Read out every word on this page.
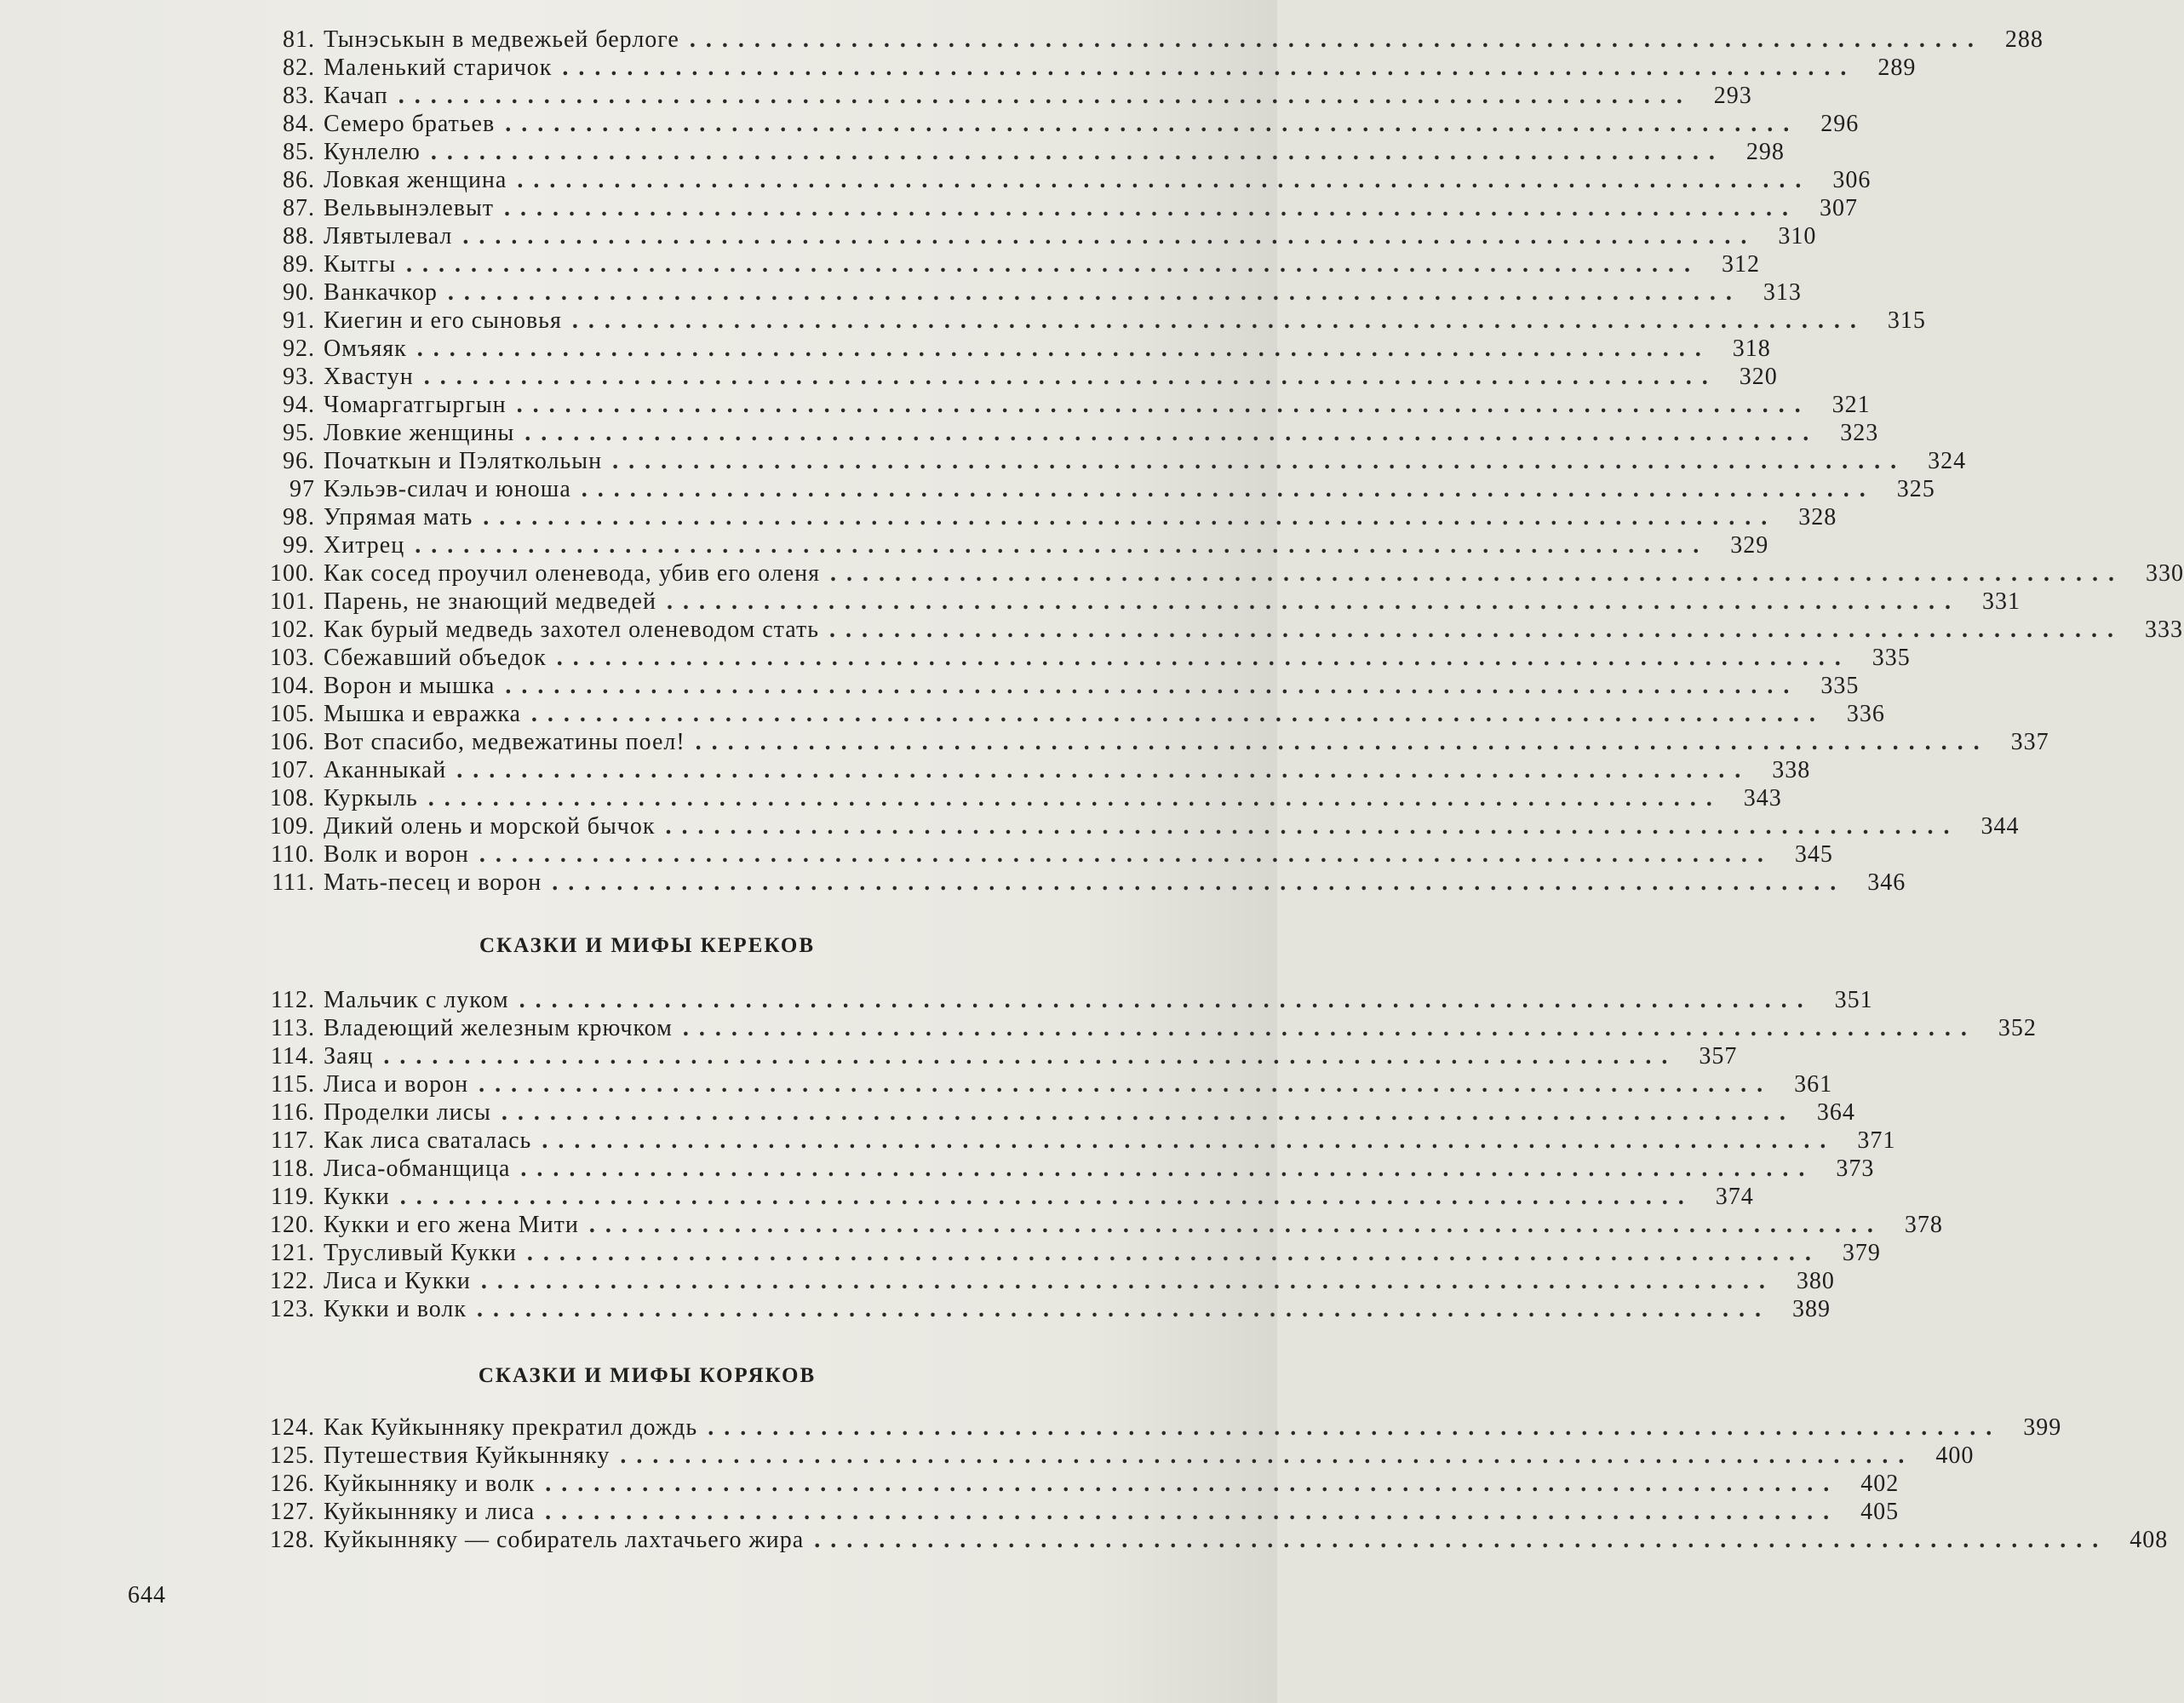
81. Тынэськын в медвежьей берлоге ................................................................................ 288
82. Маленький старичок ................................................................................ 289
83. Качап ................................................................................ 293
84. Семеро братьев ................................................................................ 296
85. Кунлелю ................................................................................ 298
86. Ловкая женщина ................................................................................ 306
87. Вельвынэлевыт ................................................................................ 307
88. Лявтылевал ................................................................................ 310
89. Кытгы ................................................................................ 312
90. Ванкачкор ................................................................................ 313
91. Киегин и его сыновья ................................................................................ 315
92. Омъяяк ................................................................................ 318
93. Хвастун ................................................................................ 320
94. Чомаргатгыргын ................................................................................ 321
95. Ловкие женщины ................................................................................ 323
96. Початкын и Пэляткольын ................................................................................ 324
97 Кэльэв-силач и юноша ................................................................................ 325
98. Упрямая мать ................................................................................ 328
99. Хитрец ................................................................................ 329
100. Как сосед проучил оленевода, убив его оленя ................................................................................ 330
101. Парень, не знающий медведей ................................................................................ 331
102. Как бурый медведь захотел оленеводом стать ................................................................................ 333
103. Сбежавший объедок ................................................................................ 335
104. Ворон и мышка ................................................................................ 335
105. Мышка и евражка ................................................................................ 336
106. Вот спасибо, медвежатины поел! ................................................................................ 337
107. Аканныкай ................................................................................ 338
108. Куркыль ................................................................................ 343
109. Дикий олень и морской бычок ................................................................................ 344
110. Волк и ворон ................................................................................ 345
111. Мать-песец и ворон ................................................................................ 346
СКАЗКИ И МИФЫ КЕРЕКОВ
112. Мальчик с луком ................................................................................ 351
113. Владеющий железным крючком ................................................................................ 352
114. Заяц ................................................................................ 357
115. Лиса и ворон ................................................................................ 361
116. Проделки лисы ................................................................................ 364
117. Как лиса сваталась ................................................................................ 371
118. Лиса-обманщица ................................................................................ 373
119. Кукки ................................................................................ 374
120. Кукки и его жена Мити ................................................................................ 378
121. Трусливый Кукки ................................................................................ 379
122. Лиса и Кукки ................................................................................ 380
123. Кукки и волк ................................................................................ 389
СКАЗКИ И МИФЫ КОРЯКОВ
124. Как Куйкынняку прекратил дождь ................................................................................ 399
125. Путешествия Куйкынняку ................................................................................ 400
126. Куйкынняку и волк ................................................................................ 402
127. Куйкынняку и лиса ................................................................................ 405
128. Куйкынняку — собиратель лахтачьего жира ................................................................................ 408
644
